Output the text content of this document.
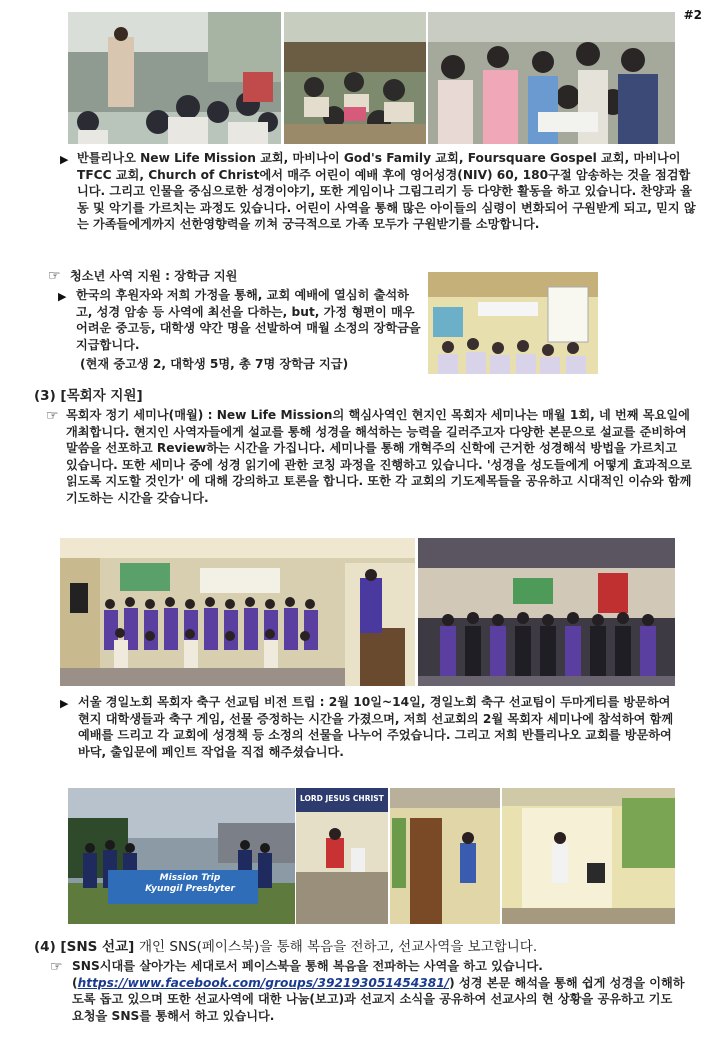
#2
▶ 반틀리나오 New Life Mission 교회, 마비나이 God's Family 교회, Foursquare Gospel 교회, 마비나이 TFCC 교회, Church of Christ에서 매주 어린이 예배 후에 영어성경(NIV) 60, 180구절 암송하는 것을 점검합니다. 그리고 인물을 중심으로한 성경이야기, 또한 게임이나 그림그리기 등 다양한 활동을 하고 있습니다. 찬양과 율동 및 악기를 가르치는 과정도 있습니다. 어린이 사역을 통해 많은 아이들의 심령이 변화되어 구원받게 되고, 믿지 않는 가족들에게까지 선한영향력을 끼쳐 궁극적으로 가족 모두가 구원받기를 소망합니다.
☞ 청소년 사역 지원 : 장학금 지원
▶ 한국의 후원자와 저희 가정을 통해, 교회 예배에 열심히 출석하고, 성경 암송 등 사역에 최선을 다하는, but, 가정 형편이 매우 어려운 중고등, 대학생 약간 명을 선발하여 매월 소정의 장학금을 지급합니다.
(현재 중고생 2, 대학생 5명, 총 7명 장학금 지급)
(3) [목회자 지원]
☞ 목회자 정기 세미나(매월) : New Life Mission의 핵심사역인 현지인 목회자 세미나는 매월 1회, 네 번째 목요일에 개최합니다. 현지인 사역자들에게 설교를 통해 성경을 해석하는 능력을 길러주고자 다양한 본문으로 설교를 준비하여 말씀을 선포하고 Review하는 시간을 가집니다. 세미나를 통해 개혁주의 신학에 근거한 성경해석 방법을 가르치고 있습니다. 또한 세미나 중에 성경 읽기에 관한 코칭 과정을 진행하고 있습니다. '성경을 성도들에게 어떻게 효과적으로 읽도록 지도할 것인가' 에 대해 강의하고 토론을 합니다. 또한 각 교회의 기도제목들을 공유하고 시대적인 이슈와 함께 기도하는 시간을 갖습니다.
▶ 서울 경일노회 목회자 축구 선교팀 비전 트립 : 2월 10일~14일, 경일노회 축구 선교팀이 두마게티를 방문하여 현지 대학생들과 축구 게임, 선물 증정하는 시간을 가졌으며, 저희 선교회의 2월 목회자 세미나에 참석하여 함께 예배를 드리고 각 교회에 성경책 등 소정의 선물을 나누어 주었습니다. 그리고 저희 반틀리나오 교회를 방문하여 바닥, 출입문에 페인트 작업을 직접 해주셨습니다.
Mission Trip
Kyungil Presbyter
LORD JESUS CHRIST
(4) [SNS 선교] 개인 SNS(페이스북)을 통해 복음을 전하고, 선교사역을 보고합니다.
☞ SNS시대를 살아가는 세대로서 페이스북을 통해 복음을 전파하는 사역을 하고 있습니다. (https://www.facebook.com/groups/392193051454381/) 성경 본문 해석을 통해 쉽게 성경을 이해하도록 돕고 있으며 또한 선교사역에 대한 나눔(보고)과 선교지 소식을 공유하여 선교사의 현 상황을 공유하고 기도 요청을 SNS를 통해서 하고 있습니다.
